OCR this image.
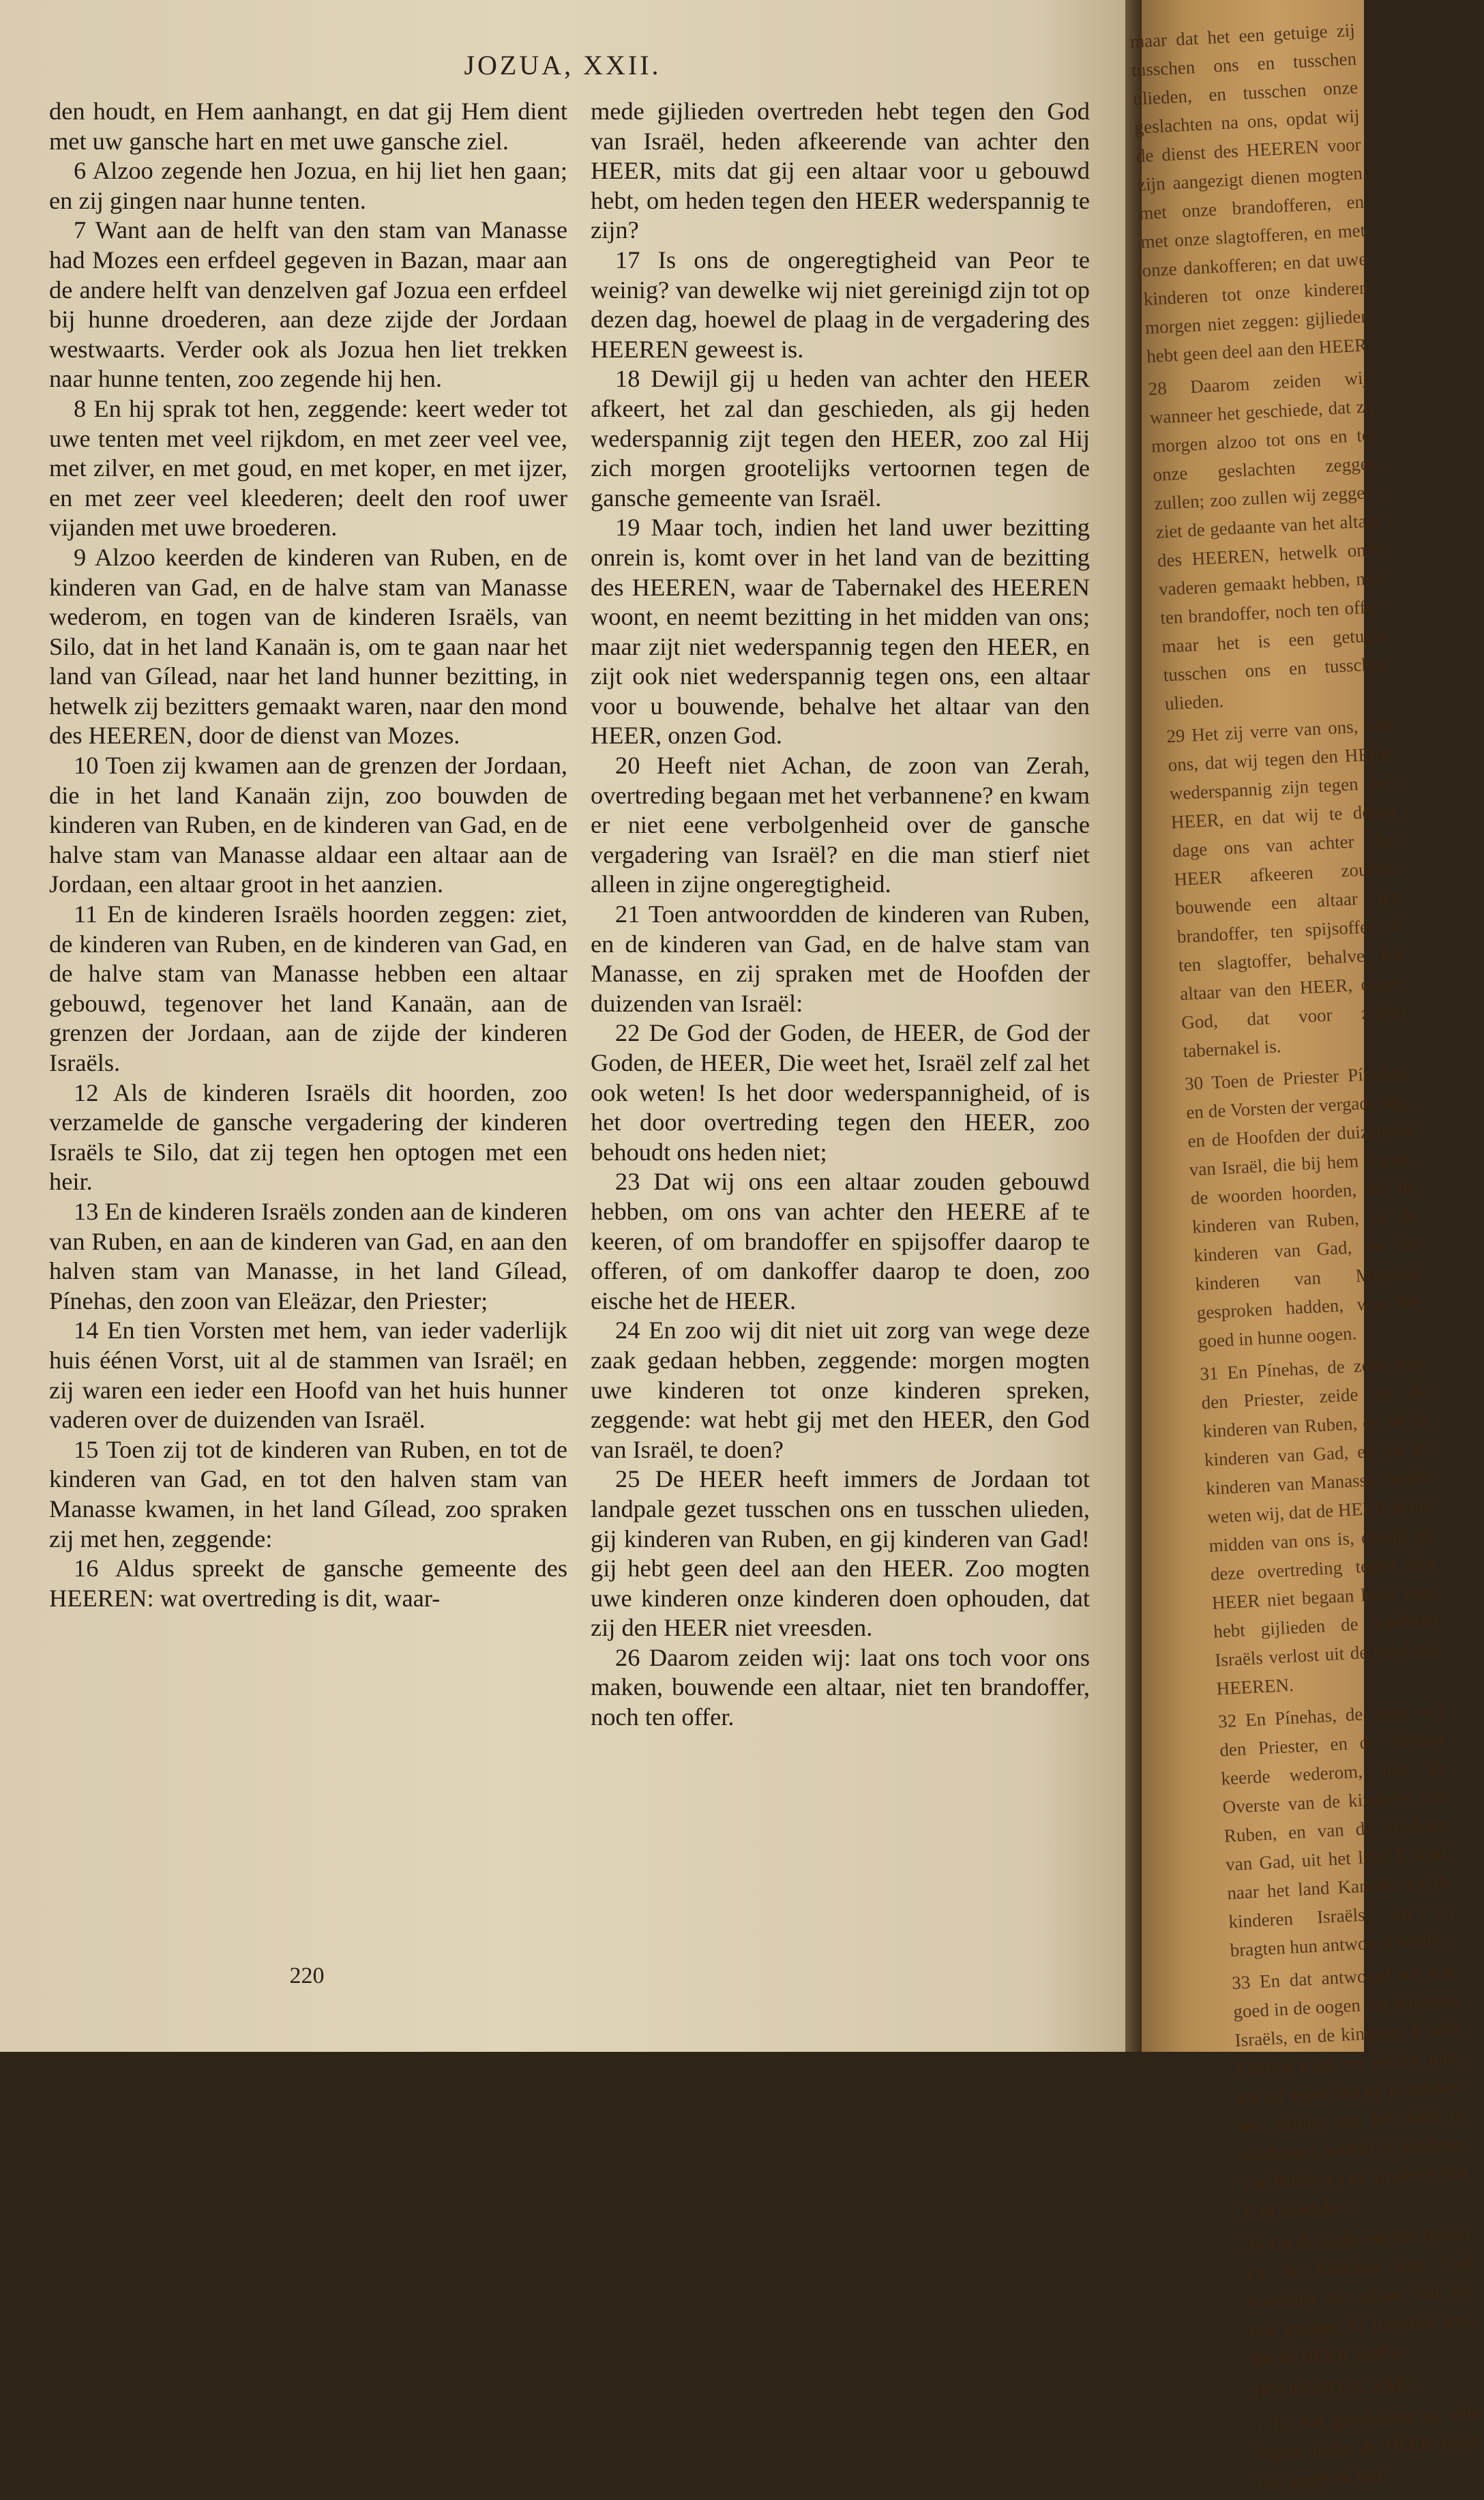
JOZUA, XXII.

den houdt, en Hem aanhangt, en dat gij Hem dient met uw gansche hart en met uwe gansche ziel.

6 Alzoo zegende hen Jozua, en hij liet hen gaan; en zij gingen naar hunne tenten.

7 Want aan de helft van den stam van Manasse had Mozes een erfdeel gegeven in Bazan, maar aan de andere helft van denzelven gaf Jozua een erfdeel bij hunne droederen, aan deze zijde der Jordaan westwaarts. Verder ook als Jozua hen liet trekken naar hunne tenten, zoo zegende hij hen.

8 En hij sprak tot hen, zeggende: keert weder tot uwe tenten met veel rijkdom, en met zeer veel vee, met zilver, en met goud, en met koper, en met ijzer, en met zeer veel kleederen; deelt den roof uwer vijanden met uwe broederen.

9 Alzoo keerden de kinderen van Ruben, en de kinderen van Gad, en de halve stam van Manasse wederom, en togen van de kinderen Israëls, van Silo, dat in het land Kanaän is, om te gaan naar het land van Gílead, naar het land hunner bezitting, in hetwelk zij bezitters gemaakt waren, naar den mond des HEEREN, door de dienst van Mozes.

10 Toen zij kwamen aan de grenzen der Jordaan, die in het land Kanaän zijn, zoo bouwden de kinderen van Ruben, en de kinderen van Gad, en de halve stam van Manasse aldaar een altaar aan de Jordaan, een altaar groot in het aanzien.

11 En de kinderen Israëls hoorden zeggen: ziet, de kinderen van Ruben, en de kinderen van Gad, en de halve stam van Manasse hebben een altaar gebouwd, tegenover het land Kanaän, aan de grenzen der Jordaan, aan de zijde der kinderen Israëls.

12 Als de kinderen Israëls dit hoorden, zoo verzamelde de gansche vergadering der kinderen Israëls te Silo, dat zij tegen hen optogen met een heir.

13 En de kinderen Israëls zonden aan de kinderen van Ruben, en aan de kinderen van Gad, en aan den halven stam van Manasse, in het land Gílead, Pínehas, den zoon van Eleäzar, den Priester;

14 En tien Vorsten met hem, van ieder vaderlijk huis éénen Vorst, uit al de stammen van Israël; en zij waren een ieder een Hoofd van het huis hunner vaderen over de duizenden van Israël.

15 Toen zij tot de kinderen van Ruben, en tot de kinderen van Gad, en tot den halven stam van Manasse kwamen, in het land Gílead, zoo spraken zij met hen, zeggende:

16 Aldus spreekt de gansche gemeente des HEEREN: wat overtreding is dit, waar-

mede gijlieden overtreden hebt tegen den God van Israël, heden afkeerende van achter den HEER, mits dat gij een altaar voor u gebouwd hebt, om heden tegen den HEER wederspannig te zijn?

17 Is ons de ongeregtigheid van Peor te weinig? van dewelke wij niet gereinigd zijn tot op dezen dag, hoewel de plaag in de vergadering des HEEREN geweest is.

18 Dewijl gij u heden van achter den HEER afkeert, het zal dan geschieden, als gij heden wederspannig zijt tegen den HEER, zoo zal Hij zich morgen grootelijks vertoornen tegen de gansche gemeente van Israël.

19 Maar toch, indien het land uwer bezitting onrein is, komt over in het land van de bezitting des HEEREN, waar de Tabernakel des HEEREN woont, en neemt bezitting in het midden van ons; maar zijt niet wederspannig tegen den HEER, en zijt ook niet wederspannig tegen ons, een altaar voor u bouwende, behalve het altaar van den HEER, onzen God.

20 Heeft niet Achan, de zoon van Zerah, overtreding begaan met het verbannene? en kwam er niet eene verbolgenheid over de gansche vergadering van Israël? en die man stierf niet alleen in zijne ongeregtigheid.

21 Toen antwoordden de kinderen van Ruben, en de kinderen van Gad, en de halve stam van Manasse, en zij spraken met de Hoofden der duizenden van Israël:

22 De God der Goden, de HEER, de God der Goden, de HEER, Die weet het, Israël zelf zal het ook weten! Is het door wederspannigheid, of is het door overtreding tegen den HEER, zoo behoudt ons heden niet;

23 Dat wij ons een altaar zouden gebouwd hebben, om ons van achter den HEERE af te keeren, of om brandoffer en spijsoffer daarop te offeren, of om dankoffer daarop te doen, zoo eische het de HEER.

24 En zoo wij dit niet uit zorg van wege deze zaak gedaan hebben, zeggende: morgen mogten uwe kinderen tot onze kinderen spreken, zeggende: wat hebt gij met den HEER, den God van Israël, te doen?

25 De HEER heeft immers de Jordaan tot landpale gezet tusschen ons en tusschen ulieden, gij kinderen van Ruben, en gij kinderen van Gad! gij hebt geen deel aan den HEER. Zoo mogten uwe kinderen onze kinderen doen ophouden, dat zij den HEER niet vreesden.

26 Daarom zeiden wij: laat ons toch voor ons maken, bouwende een altaar, niet ten brandoffer, noch ten offer.

220

maar dat het een getuige zij tusschen ons en tusschen ulieden, en tusschen onze geslachten na ons, opdat wij de dienst des HEEREN voor zijn aangezigt dienen mogten met onze brandofferen, en met onze slagtofferen, en met onze dankofferen; en dat uwe kinderen tot onze kinderen morgen niet zeggen: gijlieden hebt geen deel aan den HEER.

28 Daarom zeiden wij: wanneer het geschiede, dat zij morgen alzoo tot ons en tot onze geslachten zeggen zullen; zoo zullen wij zeggen: ziet de gedaante van het altaar des HEEREN, hetwelk onze vaderen gemaakt hebben, niet ten brandoffer, noch ten offer; maar het is een getuige tusschen ons en tusschen ulieden.

29 Het zij verre van ons, van ons, dat wij tegen den HEER wederspannig zijn tegen den HEER, en dat wij te dezen dage ons van achter den HEER afkeeren zouden, bouwende een altaar ten brandoffer, ten spijsoffer of ten slagtoffer, behalve het altaar van den HEER, onzen God, dat voor zijnen tabernakel is.

30 Toen de Priester Pínehas, en de Vorsten der vergadering, en de Hoofden der duizenden van Israël, die bij hem waren, de woorden hoorden, die de kinderen van Ruben, en de kinderen van Gad, en de kinderen van Manasse gesproken hadden, was het goed in hunne oogen.

31 En Pínehas, de zoon van den Priester, zeide tot de kinderen van Ruben, en tot de kinderen van Gad, en tot de kinderen van Manasse: heden weten wij, dat de HEER in het midden van ons is, dewijl gij deze overtreding tegen den HEER niet begaan hebt: toen hebt gijlieden de kinderen Israëls verlost uit de hand des HEEREN.

32 En Pínehas, de zoon van den Priester, en de Vorsten keerde wederom, met de Overste van de kinderen van Ruben, en van de kinderen van Gad, uit het land Gílead, naar het land Kanaän, tot de kinderen Israëls, en zij bragten hun antwoord weder.

33 En dat antwoord nu was goed in de oogen der kinderen Israëls, en de kinderen Israëls loofden God, en zeiden niet, dat zij tegen hen op te trekken ten strijde, om het land te verderven, waarin de kinderen van Ruben en de kinderen van Gad woonden.

34 En de kinderen van Ruben en de kinderen van Gad noemden dat altaar: dat het een getuige zij tusschen ons, dat de HEER God is.

HOOFDSTUK XXIII.

1 En het geschiedde na vele dagen, nadat de HEER Israël rust gegeven had
